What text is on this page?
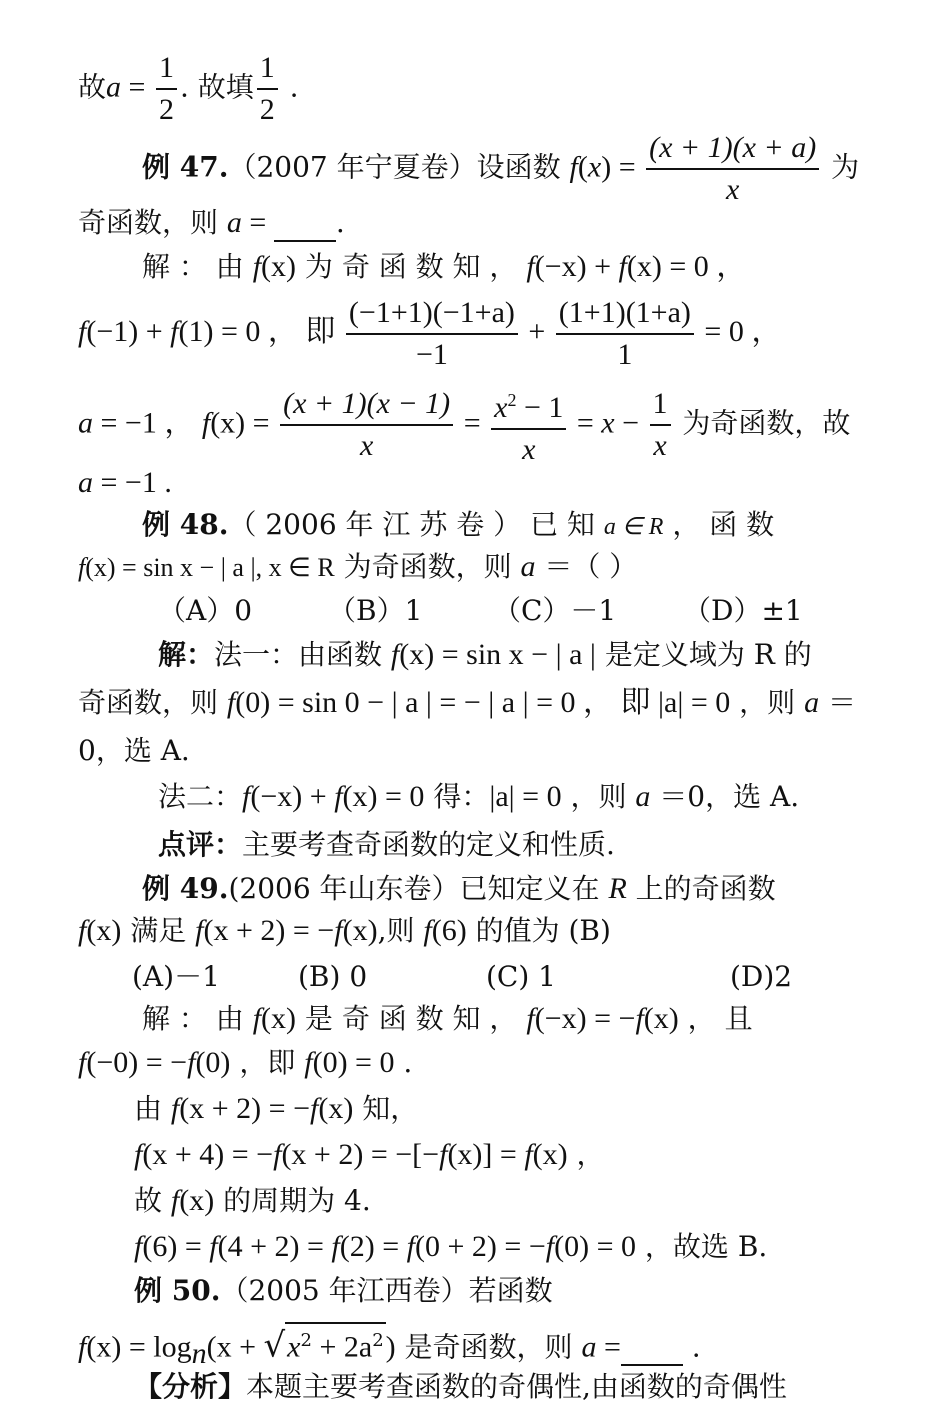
故$a = \frac{1}{2}$ . 故填 $\frac{1}{2}$ .
例 47.（2007 年宁夏卷）设函数 $f(x) = \frac{(x + 1)(x + a)}{x}$ 为
奇函数，则 a =  .
解 ： 由 f(x) 为 奇 函 数 知 ， f(−x) + f(x) = 0 ，
f(−1) + f(1) = 0 ， 即 $\frac{(-1+1)(-1+a)}{-1} + \frac{(1+1)(1+a)}{1} = 0$ ，
a = −1 ， $f(x) = \frac{(x + 1)(x - 1)}{x} = \frac{x^2 - 1}{x} = x - \frac{1}{x}$ 为奇函数，故
a = −1 .
例 48.（ 2006 年 江 苏 卷 ） 已 知 a ∈ R ， 函 数
f(x) = sin x − | a |, x ∈ R 为奇函数，则 a ＝（ ）
（A）0	（B）1	（C）－1 （D）±1
解：法一：由函数 f(x) = sin x − | a | 是定义域为 R 的
奇函数，则 f(0) = sin 0 − | a | = − | a | = 0 ， 即 |a| = 0 ，则 a ＝
0，选 A.
法二：f(−x) + f(x) = 0 得：|a| = 0 ，则 a ＝0，选 A.
点评：主要考查奇函数的定义和性质.
例 49.(2006 年山东卷）已知定义在 R 上的奇函数
f(x) 满足 f(x + 2) = −f(x),则 f(6) 的值为 (B)
(A)－1	(B) 0	(C) 1	(D)2
解 ： 由 f(x) 是 奇 函 数 知 ， f(−x) = −f(x) ， 且
f(−0) = −f(0) ，即 f(0) = 0 .
由 f(x + 2) = −f(x) 知，
f(x + 4) = −f(x + 2) = −[−f(x)] = f(x) ，
故 f(x) 的周期为 4.
f(6) = f(4 + 2) = f(2) = f(0 + 2) = −f(0) = 0 ，故选 B.
例 50.（2005 年江西卷）若函数
$f(x) = \log_n(x + √x^2 + 2a^2)$ 是奇函数，则 a =  .
【分析】本题主要考查函数的奇偶性,由函数的奇偶性
